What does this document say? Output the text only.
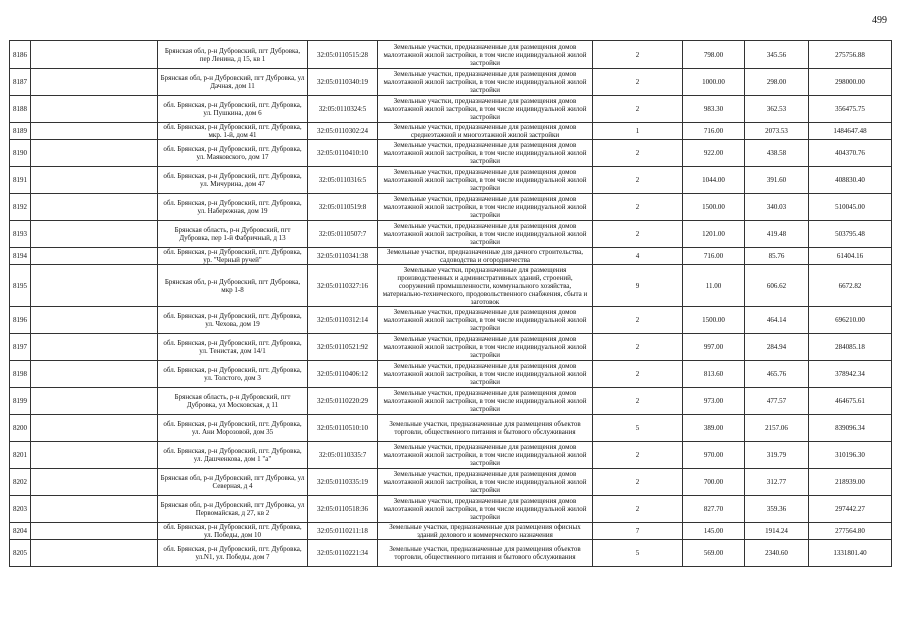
499
8186		Брянская обл, р-н Дубровский, пгт Дубровка, пер Ленина, д 15, кв 1	32:05:0110515:28	Земельные участки, предназначенные для размещения домов малоэтажной жилой застройки, в том числе индивидуальной жилой застройки	2	798.00	345.56	275756.88
8187		Брянская обл, р-н Дубровский, пгт Дубровка, ул Дачная, дом 11	32:05:0110340:19	Земельные участки, предназначенные для размещения домов малоэтажной жилой застройки, в том числе индивидуальной жилой застройки	2	1000.00	298.00	298000.00
8188		обл. Брянская, р-н Дубровский, пгт. Дубровка, ул. Пушкина, дом 6	32:05:0110324:5	Земельные участки, предназначенные для размещения домов малоэтажной жилой застройки, в том числе индивидуальной жилой застройки	2	983.30	362.53	356475.75
8189		обл. Брянская, р-н Дубровский, пгт. Дубровка, мкр. 1-й, дом 41	32:05:0110302:24	Земельные участки, предназначенные для размещения домов среднеэтажной и многоэтажной жилой застройки	1	716.00	2073.53	1484647.48
8190		обл. Брянская, р-н Дубровский, пгт. Дубровка, ул. Маяковского, дом 17	32:05:0110410:10	Земельные участки, предназначенные для размещения домов малоэтажной жилой застройки, в том числе индивидуальной жилой застройки	2	922.00	438.58	404370.76
8191		обл. Брянская, р-н Дубровский, пгт. Дубровка, ул. Мичурина, дом 47	32:05:0110316:5	Земельные участки, предназначенные для размещения домов малоэтажной жилой застройки, в том числе индивидуальной жилой застройки	2	1044.00	391.60	408830.40
8192		обл. Брянская, р-н Дубровский, пгт. Дубровка, ул. Набережная, дом 19	32:05:0110519:8	Земельные участки, предназначенные для размещения домов малоэтажной жилой застройки, в том числе индивидуальной жилой застройки	2	1500.00	340.03	510045.00
8193		Брянская область, р-н Дубровский, пгт Дубровка, пер 1-й Фабричный, д 13	32:05:0110507:7	Земельные участки, предназначенные для размещения домов малоэтажной жилой застройки, в том числе индивидуальной жилой застройки	2	1201.00	419.48	503795.48
8194		обл. Брянская, р-н Дубровский, пгт. Дубровка, ур. "Черный ручей"	32:05:0110341:38	Земельные участки, предназначенные для дачного строительства, садоводства и огородничества	4	716.00	85.76	61404.16
8195		Брянская обл, р-н Дубровский, пгт Дубровка, мкр 1-8	32:05:0110327:16	Земельные участки, предназначенные для размещения производственных и административных зданий, строений, сооружений промышленности, коммунального хозяйства, материально-технического, продовольственного снабжения, сбыта и заготовок	9	11.00	606.62	6672.82
8196		обл. Брянская, р-н Дубровский, пгт. Дубровка, ул. Чехова, дом 19	32:05:0110312:14	Земельные участки, предназначенные для размещения домов малоэтажной жилой застройки, в том числе индивидуальной жилой застройки	2	1500.00	464.14	696210.00
8197		обл. Брянская, р-н Дубровский, пгт. Дубровка, ул. Тенистая, дом 14/1	32:05:0110521:92	Земельные участки, предназначенные для размещения домов малоэтажной жилой застройки, в том числе индивидуальной жилой застройки	2	997.00	284.94	284085.18
8198		обл. Брянская, р-н Дубровский, пгт. Дубровка, ул. Толстого, дом 3	32:05:0110406:12	Земельные участки, предназначенные для размещения домов малоэтажной жилой застройки, в том числе индивидуальной жилой застройки	2	813.60	465.76	378942.34
8199		Брянская область, р-н Дубровский, пгт Дубровка, ул Московская, д 11	32:05:0110220:29	Земельные участки, предназначенные для размещения домов малоэтажной жилой застройки, в том числе индивидуальной жилой застройки	2	973.00	477.57	464675.61
8200		обл. Брянская, р-н Дубровский, пгт. Дубровка, ул. Ани Морозовой, дом 35	32:05:0110510:10	Земельные участки, предназначенные для размещения объектов торговли, общественного питания и бытового обслуживания	5	389.00	2157.06	839096.34
8201		обл. Брянская, р-н Дубровский, пгт. Дубровка, ул. Дашченкова, дом 1 "а"	32:05:0110335:7	Земельные участки, предназначенные для размещения домов малоэтажной жилой застройки, в том числе индивидуальной жилой застройки	2	970.00	319.79	310196.30
8202		Брянская обл, р-н Дубровский, пгт Дубровка, ул Северная, д 4	32:05:0110335:19	Земельные участки, предназначенные для размещения домов малоэтажной жилой застройки, в том числе индивидуальной жилой застройки	2	700.00	312.77	218939.00
8203		Брянская обл, р-н Дубровский, пгт Дубровка, ул Первомайская, д 27, кв 2	32:05:0110518:36	Земельные участки, предназначенные для размещения домов малоэтажной жилой застройки, в том числе индивидуальной жилой застройки	2	827.70	359.36	297442.27
8204		обл. Брянская, р-н Дубровский, пгт. Дубровка, ул. Победы, дом 10	32:05:0110211:18	Земельные участки, предназначенные для размещения офисных зданий делового и коммерческого назначения	7	145.00	1914.24	277564.80
8205		обл. Брянская, р-н Дубровский, пгт. Дубровка, ул.N1, ул. Победы, дом 7	32:05:0110221:34	Земельные участки, предназначенные для размещения объектов торговли, общественного питания и бытового обслуживания	5	569.00	2340.60	1331801.40
